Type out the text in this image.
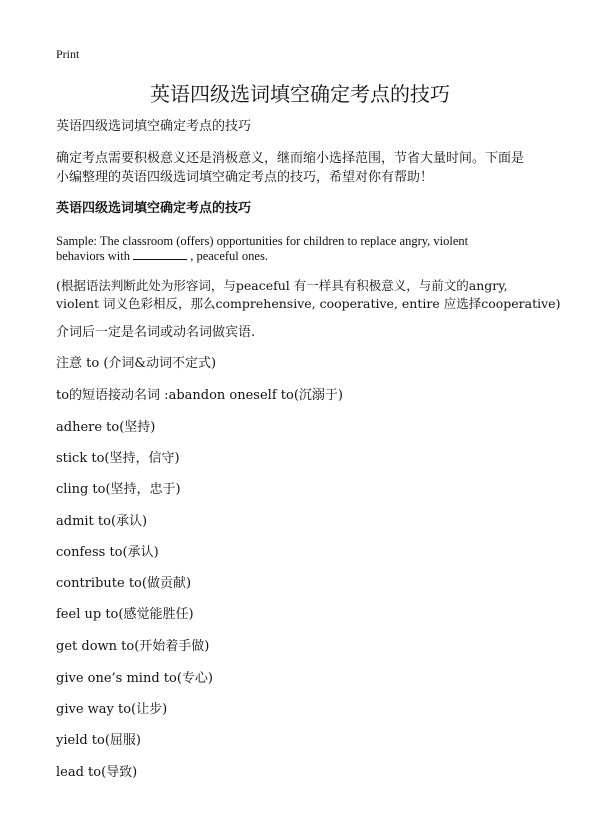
Print
英语四级选词填空确定考点的技巧
英语四级选词填空确定考点的技巧
确定考点需要积极意义还是消极意义，继而缩小选择范围，节省大量时间。下面是
小编整理的英语四级选词填空确定考点的技巧，希望对你有帮助！
英语四级选词填空确定考点的技巧
Sample: The classroom (offers) opportunities for children to replace angry, violent
behaviors with	, peaceful ones.
(根据语法判断此处为形容词，与peaceful 有一样具有积极意义，与前文的angry,
violent 词义色彩相反，那么comprehensive, cooperative, entire 应选择cooperative)
介词后一定是名词或动名词做宾语.
注意 to (介词&动词不定式)
to的短语接动名词 :abandon oneself to(沉溺于)
adhere to(坚持)
stick to(坚持，信守)
cling to(坚持，忠于)
admit to(承认)
confess to(承认)
contribute to(做贡献)
feel up to(感觉能胜任)
get down to(开始着手做)
give one’s mind to(专心)
give way to(让步)
yield to(屈服)
lead to(导致)
